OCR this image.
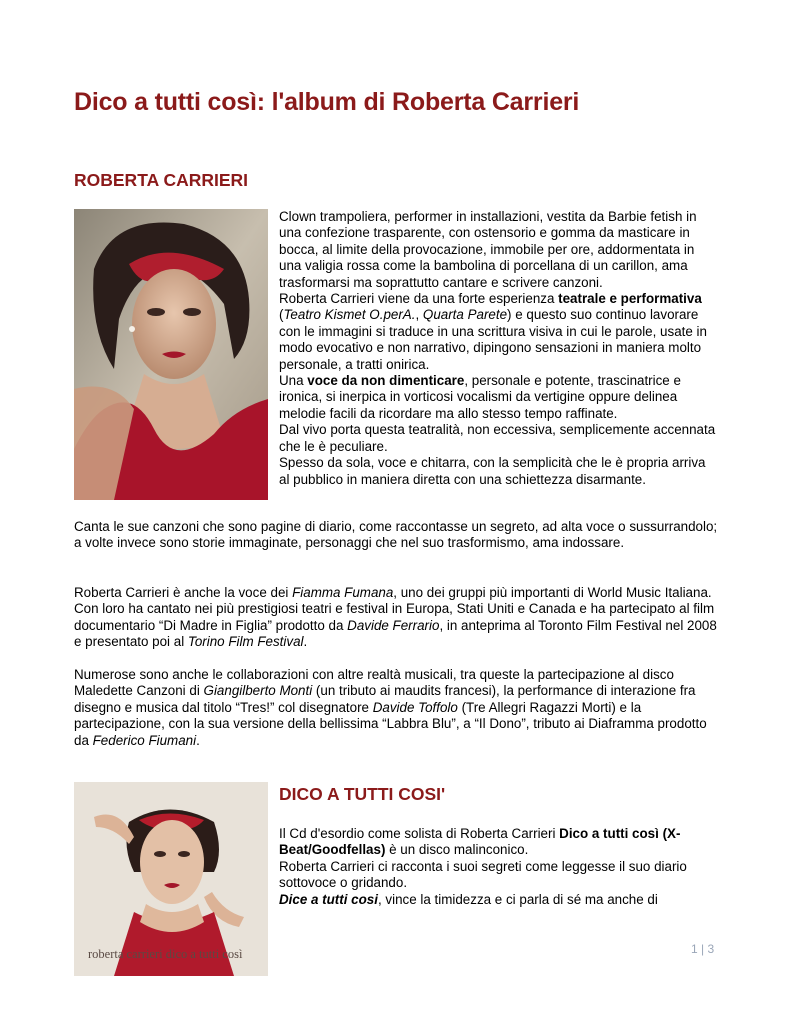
Dico a tutti così: l'album di Roberta Carrieri
ROBERTA CARRIERI

Clown trampoliera, performer in installazioni, vestita da Barbie fetish in una confezione trasparente, con ostensorio e gomma da masticare in bocca, al limite della provocazione, immobile per ore, addormentata in una valigia rossa come la bambolina di porcellana di un carillon, ama trasformarsi ma soprattutto cantare e scrivere canzoni.

Roberta Carrieri viene da una forte esperienza teatrale e performativa (Teatro Kismet O.perA., Quarta Parete) e questo suo continuo lavorare con le immagini si traduce in una scrittura visiva in cui le parole, usate in modo evocativo e non narrativo, dipingono sensazioni in maniera molto personale, a tratti onirica.

Una voce da non dimenticare, personale e potente, trascinatrice e ironica, si inerpica in vorticosi vocalismi da vertigine oppure delinea melodie facili da ricordare ma allo stesso tempo raffinate.

Dal vivo porta questa teatralità, non eccessiva, semplicemente accennata che le è peculiare.

Spesso da sola, voce e chitarra, con la semplicità che le è propria arriva al pubblico in maniera diretta con una schiettezza disarmante.

Canta le sue canzoni che sono pagine di diario, come raccontasse un segreto, ad alta voce o sussurrandolo; a volte invece sono storie immaginate, personaggi che nel suo trasformismo, ama indossare.

Roberta Carrieri è anche la voce dei Fiamma Fumana, uno dei gruppi più importanti di World Music Italiana. Con loro ha cantato nei più prestigiosi teatri e festival in Europa, Stati Uniti e Canada e ha partecipato al film documentario “Di Madre in Figlia” prodotto da Davide Ferrario, in anteprima al Toronto Film Festival nel 2008 e presentato poi al Torino Film Festival.

Numerose sono anche le collaborazioni con altre realtà musicali, tra queste la partecipazione al disco Maledette Canzoni di Giangilberto Monti (un tributo ai maudits francesi), la performance di interazione fra disegno e musica dal titolo “Tres!” col disegnatore Davide Toffolo (Tre Allegri Ragazzi Morti) e la partecipazione, con la sua versione della bellissima “Labbra Blu”, a “Il Dono”, tributo ai Diaframma prodotto da Federico Fiumani.

roberta carrieri dico a tutti così
DICO A TUTTI COSI'

Il Cd d'esordio come solista di Roberta Carrieri Dico a tutti così (X-Beat/Goodfellas) è un disco malinconico.

Roberta Carrieri ci racconta i suoi segreti come leggesse il suo diario sottovoce o gridando.

Dice a tutti cosi, vince la timidezza e ci parla di sé ma anche di

1 | 3
